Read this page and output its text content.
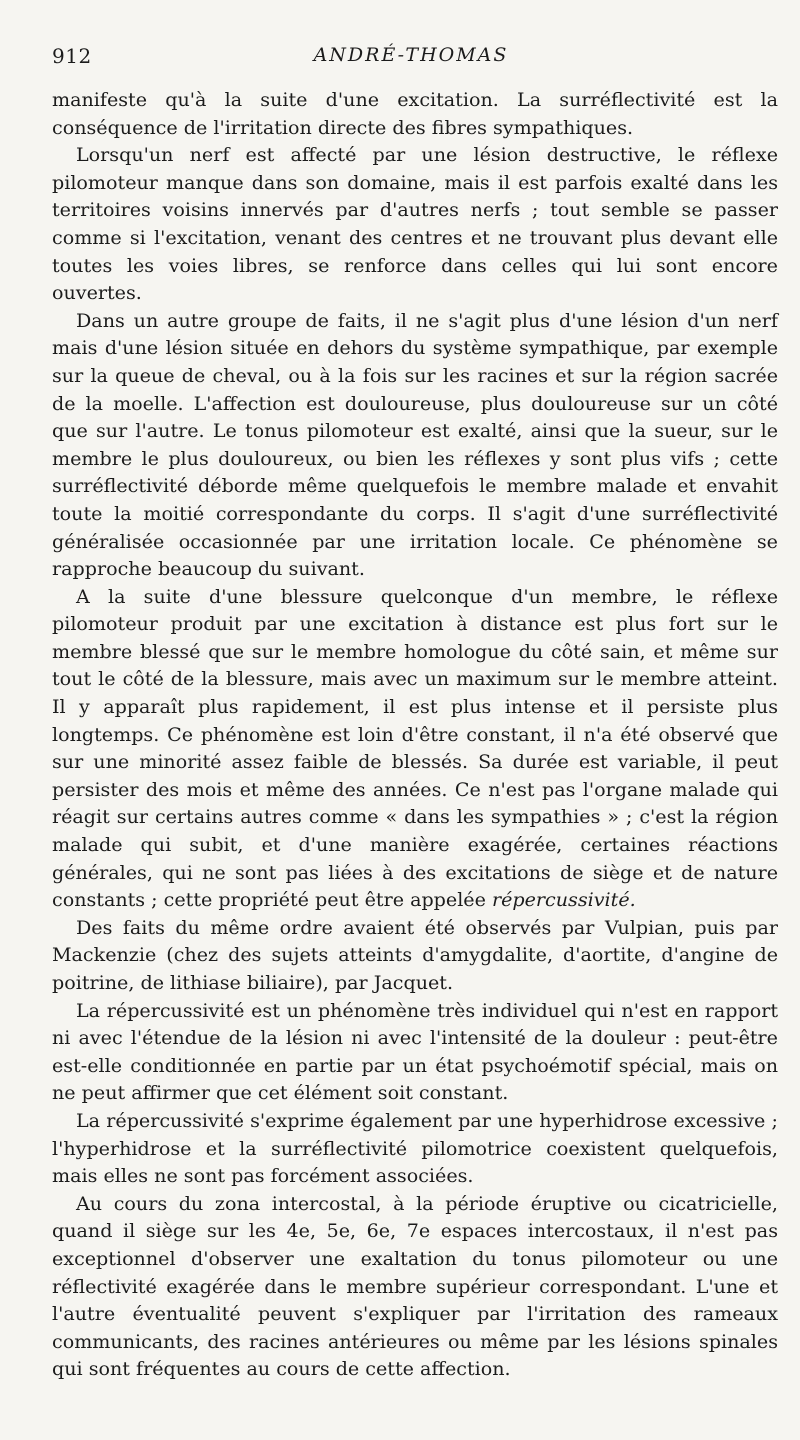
912	ANDRÉ-THOMAS

manifeste qu'à la suite d'une excitation. La surréflectivité est la conséquence de l'irritation directe des fibres sympathiques.

Lorsqu'un nerf est affecté par une lésion destructive, le réflexe pilomoteur manque dans son domaine, mais il est parfois exalté dans les territoires voisins innervés par d'autres nerfs ; tout semble se passer comme si l'excitation, venant des centres et ne trouvant plus devant elle toutes les voies libres, se renforce dans celles qui lui sont encore ouvertes.

Dans un autre groupe de faits, il ne s'agit plus d'une lésion d'un nerf mais d'une lésion située en dehors du système sympathique, par exemple sur la queue de cheval, ou à la fois sur les racines et sur la région sacrée de la moelle. L'affection est douloureuse, plus douloureuse sur un côté que sur l'autre. Le tonus pilomoteur est exalté, ainsi que la sueur, sur le membre le plus douloureux, ou bien les réflexes y sont plus vifs ; cette surréflectivité déborde même quelquefois le membre malade et envahit toute la moitié correspondante du corps. Il s'agit d'une surréflectivité généralisée occasionnée par une irritation locale. Ce phénomène se rapproche beaucoup du suivant.

A la suite d'une blessure quelconque d'un membre, le réflexe pilomoteur produit par une excitation à distance est plus fort sur le membre blessé que sur le membre homologue du côté sain, et même sur tout le côté de la blessure, mais avec un maximum sur le membre atteint. Il y apparaît plus rapidement, il est plus intense et il persiste plus longtemps. Ce phénomène est loin d'être constant, il n'a été observé que sur une minorité assez faible de blessés. Sa durée est variable, il peut persister des mois et même des années. Ce n'est pas l'organe malade qui réagit sur certains autres comme « dans les sympathies » ; c'est la région malade qui subit, et d'une manière exagérée, certaines réactions générales, qui ne sont pas liées à des excitations de siège et de nature constants ; cette propriété peut être appelée répercussivité.

Des faits du même ordre avaient été observés par Vulpian, puis par Mackenzie (chez des sujets atteints d'amygdalite, d'aortite, d'angine de poitrine, de lithiase biliaire), par Jacquet.

La répercussivité est un phénomène très individuel qui n'est en rapport ni avec l'étendue de la lésion ni avec l'intensité de la douleur : peut-être est-elle conditionnée en partie par un état psychoémotif spécial, mais on ne peut affirmer que cet élément soit constant.

La répercussivité s'exprime également par une hyperhidrose excessive ; l'hyperhidrose et la surréflectivité pilomotrice coexistent quelquefois, mais elles ne sont pas forcément associées.

Au cours du zona intercostal, à la période éruptive ou cicatricielle, quand il siège sur les 4e, 5e, 6e, 7e espaces intercostaux, il n'est pas exceptionnel d'observer une exaltation du tonus pilomoteur ou une réflectivité exagérée dans le membre supérieur correspondant. L'une et l'autre éventualité peuvent s'expliquer par l'irritation des rameaux communicants, des racines antérieures ou même par les lésions spinales qui sont fréquentes au cours de cette affection.
